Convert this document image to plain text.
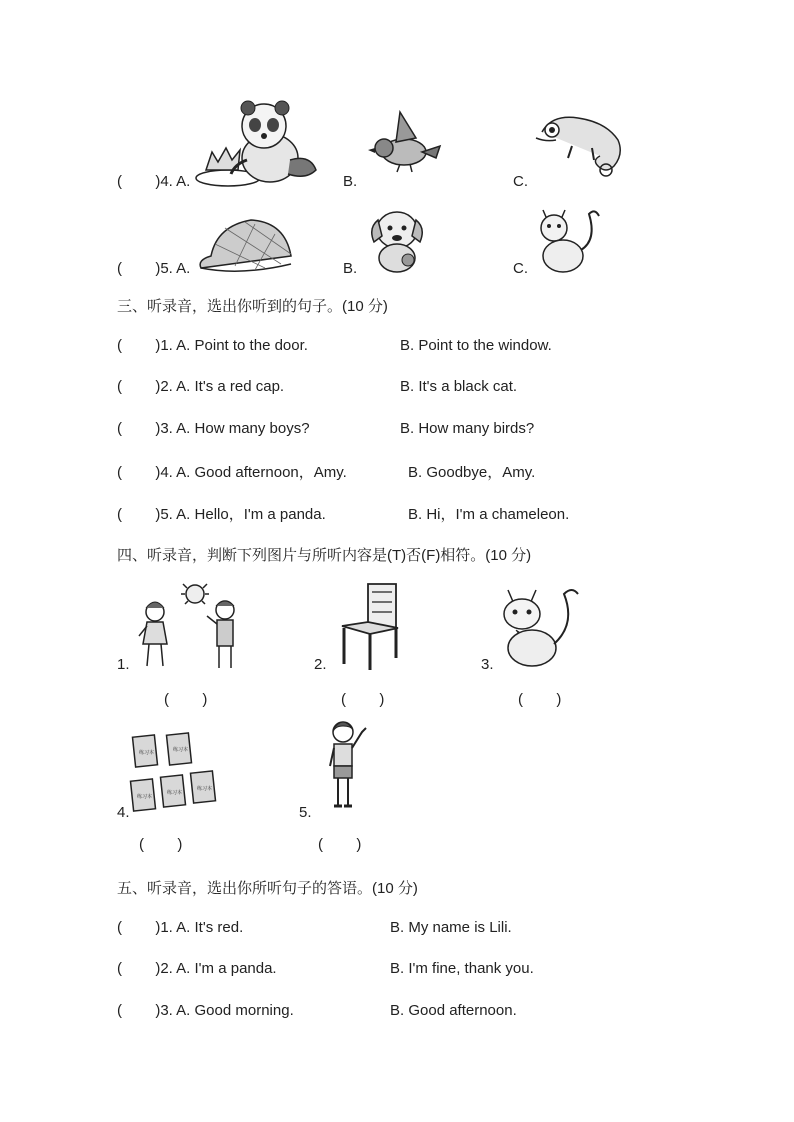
(        )4. A.	B.	C.
(        )5. A.	B.	C.
三、听录音，选出你听到的句子。(10 分)
(        )1. A. Point to the door.	B. Point to the window.
(        )2. A. It's a red cap.	B. It's a black cat.
(        )3. A. How many boys?	B. How many birds?
(        )4. A. Good afternoon，Amy.	B. Goodbye，Amy.
(        )5. A. Hello，I'm a panda.	B. Hi，I'm a chameleon.
四、听录音，判断下列图片与所听内容是(T)否(F)相符。(10 分)
1.
(        )
2.
(        )
3.
(        )
4.
练习本	练习本
练习本
练习本
练习本
(        )
5.
(        )
五、听录音，选出你所听句子的答语。(10 分)
(        )1. A. It's red.	B. My name is Lili.
(        )2. A. I'm a panda.	B. I'm fine, thank you.
(        )3. A. Good morning.	B. Good afternoon.
